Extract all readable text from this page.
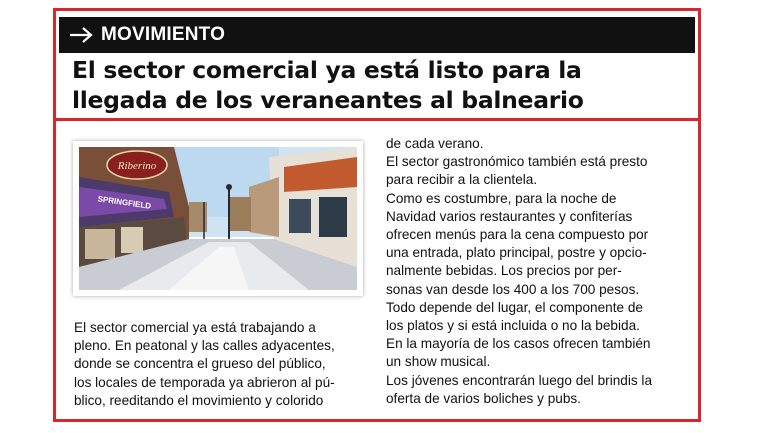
MOVIMIENTO
El sector comercial ya está listo para la
llegada de los veraneantes al balneario
Riberino
SPRINGFIELD

El sector comercial ya está trabajando a

pleno. En peatonal y las calles adyacentes,

donde se concentra el grueso del público,

los locales de temporada ya abrieron al pú-

blico, reeditando el movimiento y colorido

de cada verano.

El sector gastronómico también está presto

para recibir a la clientela.

Como es costumbre, para la noche de

Navidad varios restaurantes y confiterías

ofrecen menús para la cena compuesto por

una entrada, plato principal, postre y opcio-

nalmente bebidas. Los precios por per-

sonas van desde los 400 a los 700 pesos.

Todo depende del lugar, el componente de

los platos y si está incluida o no la bebida.

En la mayoría de los casos ofrecen también

un show musical.

Los jóvenes encontrarán luego del brindis la

oferta de varios boliches y pubs.
